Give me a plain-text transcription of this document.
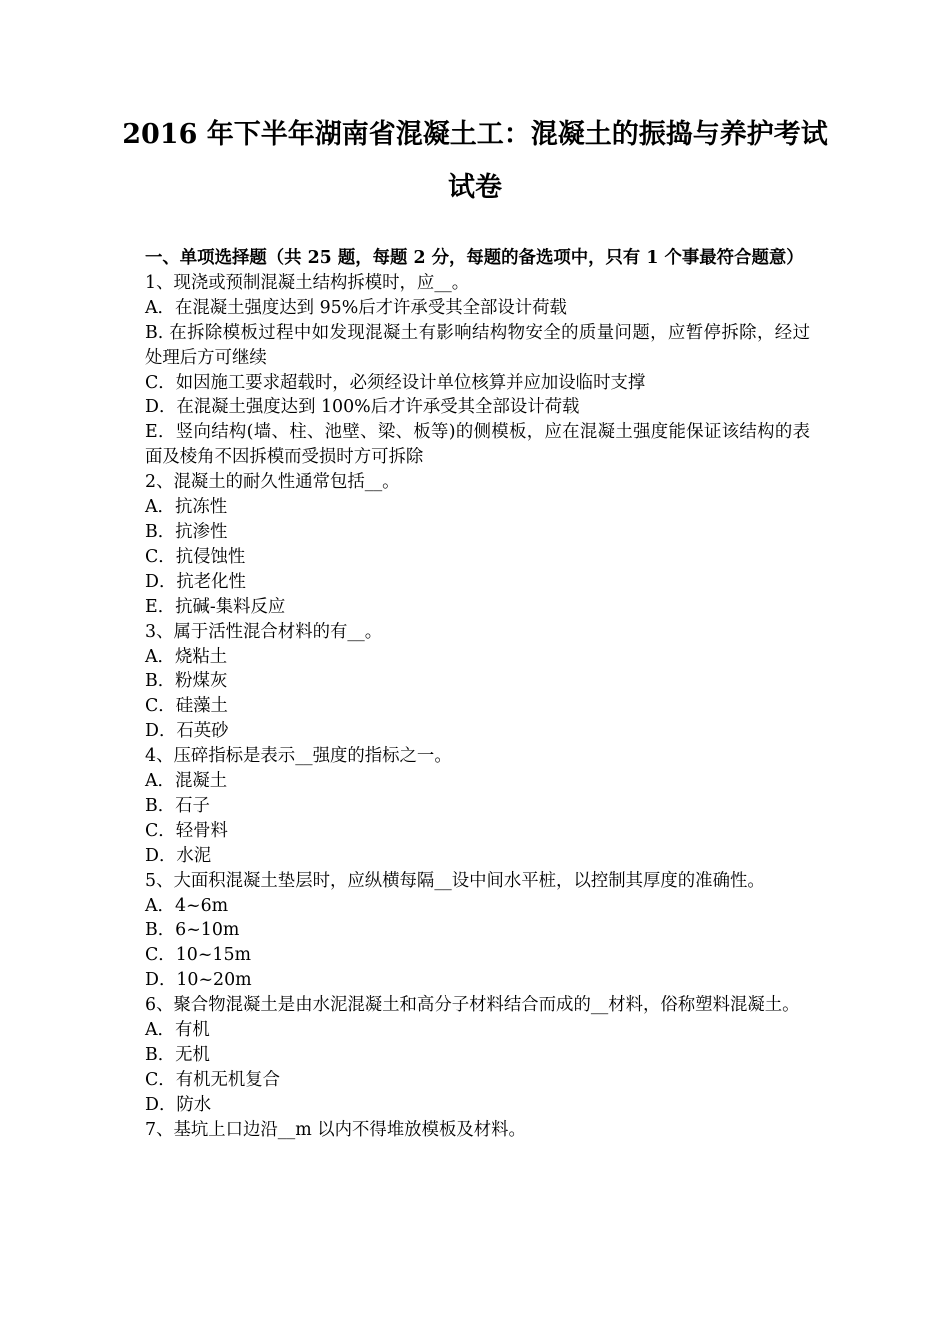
2016 年下半年湖南省混凝土工：混凝土的振捣与养护考试
试卷

一、单项选择题（共 25 题，每题 2 分，每题的备选项中，只有 1 个事最符合题意）

1、现浇或预制混凝土结构拆模时，应__。

A．在混凝土强度达到 95%后才许承受其全部设计荷载

B. 在拆除模板过程中如发现混凝土有影响结构物安全的质量问题，应暂停拆除，经过处理后方可继续

C．如因施工要求超载时，必须经设计单位核算并应加设临时支撑

D．在混凝土强度达到 100%后才许承受其全部设计荷载

E．竖向结构(墙、柱、池壁、梁、板等)的侧模板，应在混凝土强度能保证该结构的表面及棱角不因拆模而受损时方可拆除

2、混凝土的耐久性通常包括__。

A．抗冻性

B．抗渗性

C．抗侵蚀性

D．抗老化性

E．抗碱-集料反应

3、属于活性混合材料的有__。

A．烧粘土

B．粉煤灰

C．硅藻土

D．石英砂

4、压碎指标是表示__强度的指标之一。

A．混凝土

B．石子

C．轻骨料

D．水泥

5、大面积混凝土垫层时，应纵横每隔__设中间水平桩，以控制其厚度的准确性。

A．4~6m

B．6~10m

C．10~15m

D．10~20m

6、聚合物混凝土是由水泥混凝土和高分子材料结合而成的__材料，俗称塑料混凝土。

A．有机

B．无机

C．有机无机复合

D．防水

7、基坑上口边沿__m 以内不得堆放模板及材料。
